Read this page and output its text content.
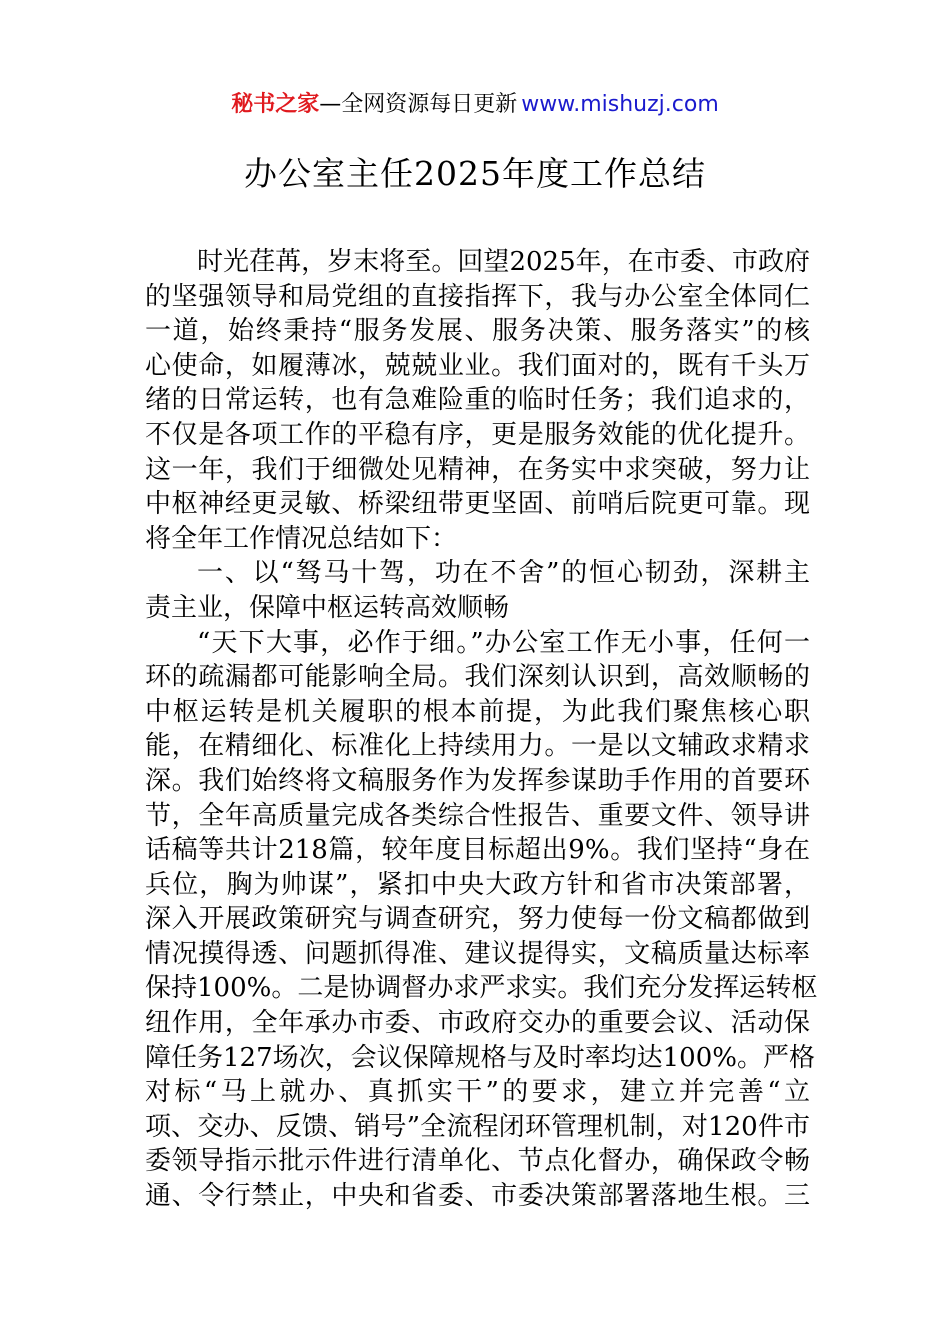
秘书之家—全网资源每日更新 www.mishuzj.com
办公室主任2025年度工作总结
时光荏苒，岁末将至。回望2025年，在市委、市政府
的坚强领导和局党组的直接指挥下，我与办公室全体同仁
一道，始终秉持“服务发展、服务决策、服务落实”的核
心使命，如履薄冰，兢兢业业。我们面对的，既有千头万
绪的日常运转，也有急难险重的临时任务；我们追求的，
不仅是各项工作的平稳有序，更是服务效能的优化提升。
这一年，我们于细微处见精神，在务实中求突破，努力让
中枢神经更灵敏、桥梁纽带更坚固、前哨后院更可靠。现
将全年工作情况总结如下：
一、以“驽马十驾，功在不舍”的恒心韧劲，深耕主
责主业，保障中枢运转高效顺畅
“天下大事，必作于细。”办公室工作无小事，任何一
环的疏漏都可能影响全局。我们深刻认识到，高效顺畅的
中枢运转是机关履职的根本前提，为此我们聚焦核心职
能，在精细化、标准化上持续用力。一是以文辅政求精求
深。我们始终将文稿服务作为发挥参谋助手作用的首要环
节，全年高质量完成各类综合性报告、重要文件、领导讲
话稿等共计218篇，较年度目标超出9%。我们坚持“身在
兵位，胸为帅谋”，紧扣中央大政方针和省市决策部署，
深入开展政策研究与调查研究，努力使每一份文稿都做到
情况摸得透、问题抓得准、建议提得实，文稿质量达标率
保持100%。二是协调督办求严求实。我们充分发挥运转枢
纽作用，全年承办市委、市政府交办的重要会议、活动保
障任务127场次，会议保障规格与及时率均达100%。严格
对标“马上就办、真抓实干”的要求，建立并完善“立
项、交办、反馈、销号”全流程闭环管理机制，对120件市
委领导指示批示件进行清单化、节点化督办，确保政令畅
通、令行禁止，中央和省委、市委决策部署落地生根。三
